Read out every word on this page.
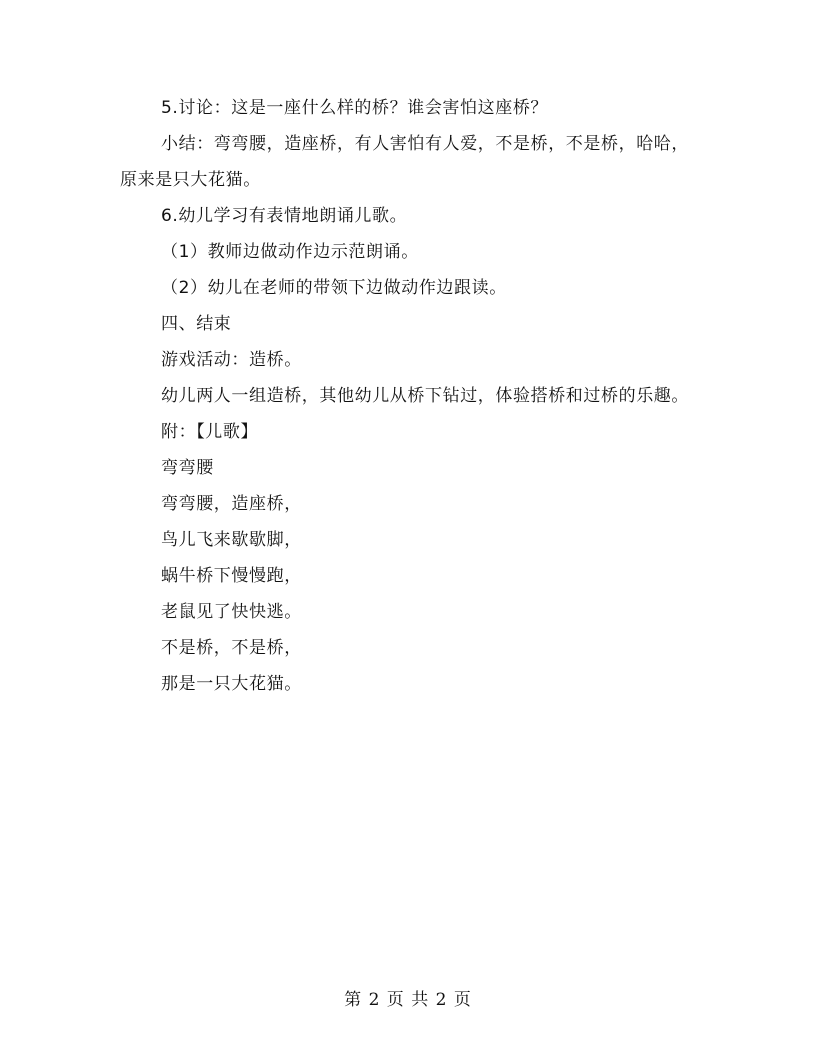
5.讨论：这是一座什么样的桥？谁会害怕这座桥？

小结：弯弯腰，造座桥，有人害怕有人爱，不是桥，不是桥，哈哈，原来是只大花猫。

6.幼儿学习有表情地朗诵儿歌。

（1）教师边做动作边示范朗诵。

（2）幼儿在老师的带领下边做动作边跟读。

四、结束

游戏活动：造桥。

幼儿两人一组造桥，其他幼儿从桥下钻过，体验搭桥和过桥的乐趣。

附：【儿歌】

弯弯腰

弯弯腰，造座桥，

鸟儿飞来歇歇脚，

蜗牛桥下慢慢跑，

老鼠见了快快逃。

不是桥，不是桥，

那是一只大花猫。

第 2 页 共 2 页
